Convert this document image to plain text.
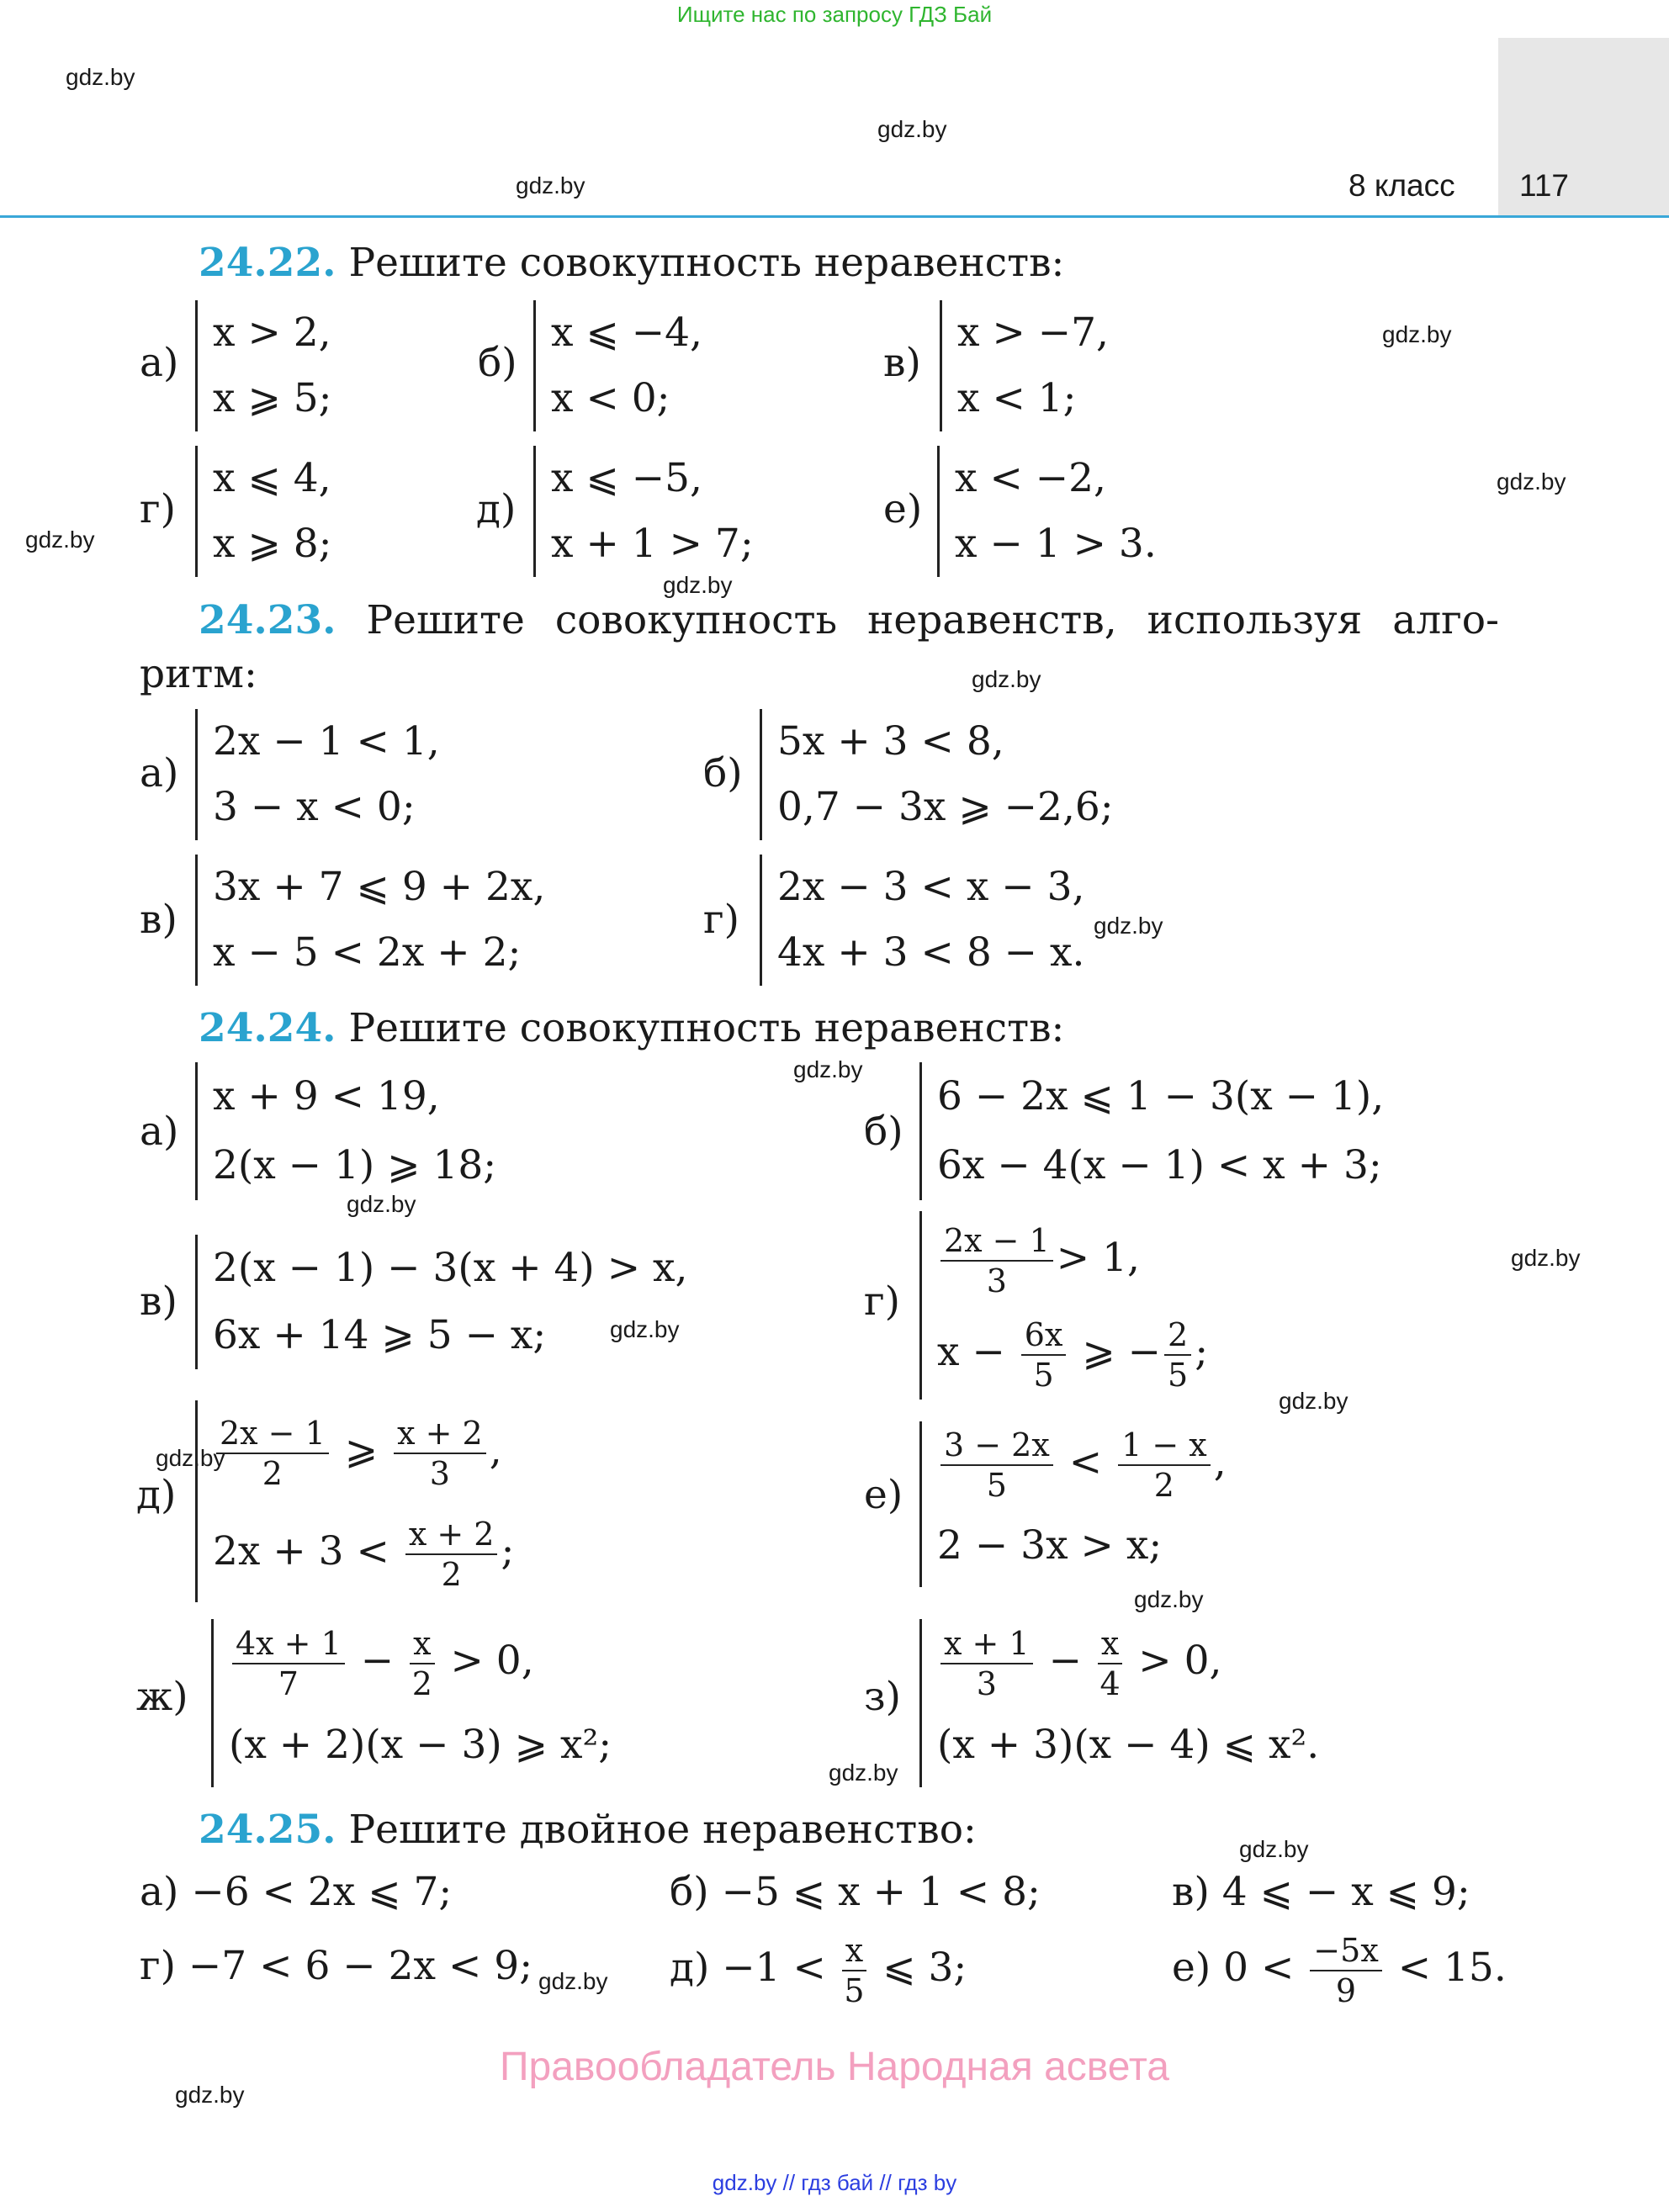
Ищите нас по запросу ГДЗ Бай
8 класс 117
gdz.by
gdz.by
gdz.by
gdz.by
gdz.by
gdz.by
gdz.by
gdz.by
gdz.by
gdz.by
gdz.by
gdz.by
gdz.by
gdz.by
gdz.by
gdz.by
gdz.by
gdz.by
gdz.by
gdz.by
24.22. Решите совокупность неравенств:
а)
x > 2,
x ⩾ 5;
б)
x ⩽ −4,
x < 0;
в)
x > −7,
x < 1;
г)
x ⩽ 4,
x ⩾ 8;
д)
x ⩽ −5,
x + 1 > 7;
е)
x < −2,
x − 1 > 3.
24.23. Решите совокупность неравенств, используя алго-
ритм:
а)
2x − 1 < 1,
3 − x < 0;
б)
5x + 3 < 8,
0,7 − 3x ⩾ −2,6;
в)
3x + 7 ⩽ 9 + 2x,
x − 5 < 2x + 2;
г)
2x − 3 < x − 3,
4x + 3 < 8 − x.
24.24. Решите совокупность неравенств:
а)
x + 9 < 19,
2(x − 1) ⩾ 18;
б)
6 − 2x ⩽ 1 − 3(x − 1),
6x − 4(x − 1) < x + 3;
в)
2(x − 1) − 3(x + 4) > x,
6x + 14 ⩾ 5 − x;
г)
$\frac{2x - 1}{3} > 1$,
$x - \frac{6x}{5}$ ⩾ − $\frac{2}{5}$ ;
д)
$\frac{2x - 1}{2}$ ⩾ $\frac{x + 2}{3}$ ,
$2x + 3 < \frac{x + 2}{2}$ ;
$е) \frac{3 - 2x}{5} < \frac{1 - x}{2}$ ,
2 − 3x > x;
$ж) \frac{4x + 1}{7} - \frac{x}{2} > 0$,
(x + 2)(x − 3) ⩾ x²;
$з) \frac{x + 1}{3} - \frac{x}{4} > 0$,
(x + 3)(x − 4) ⩽ x².
24.25. Решите двойное неравенство:
а) −6 < 2x ⩽ 7;	б) −5 ⩽ x + 1 < 8;	в) 4 ⩽ − x ⩽ 9;
г) −7 < 6 − 2x < 9;	$д) -1 < \frac{x}{5}$ ⩽ 3;	е) $0 < \frac{-5x}{9} < 15$.
Правообладатель Народная асвета
gdz.by // гдз бай // гдз by
